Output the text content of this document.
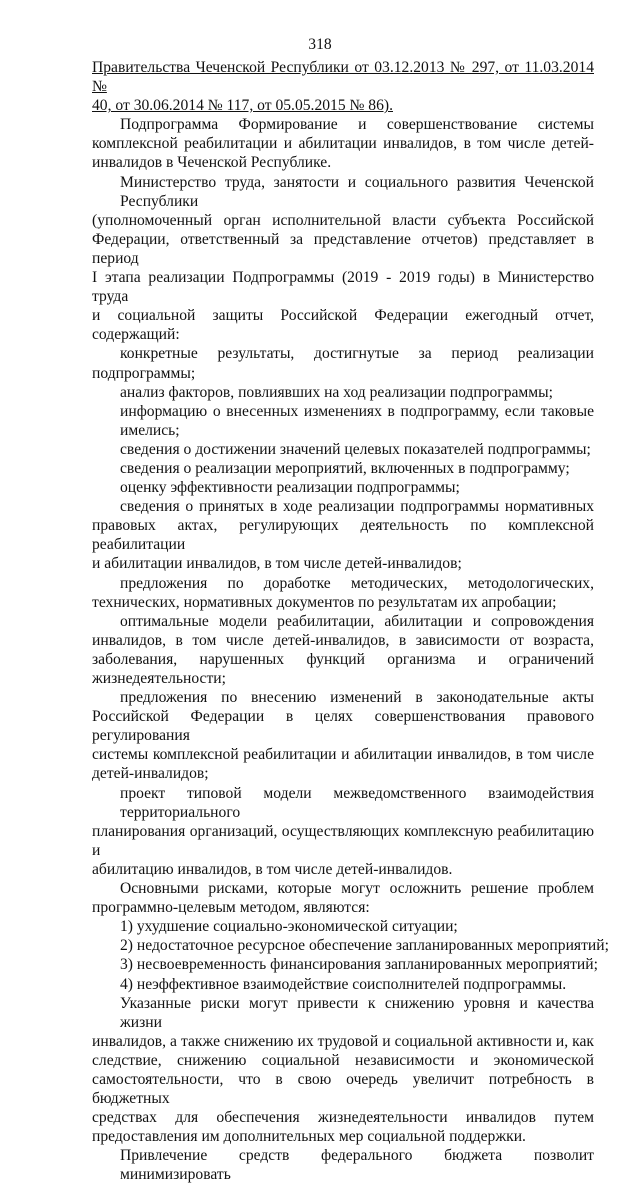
318
Правительства Чеченской Республики от 03.12.2013 № 297, от 11.03.2014 №
40, от 30.06.2014 № 117, от 05.05.2015 № 86).
Подпрограмма Формирование и совершенствование системы
комплексной реабилитации и абилитации инвалидов, в том числе детей-
инвалидов в Чеченской Республике.
Министерство труда, занятости и социального развития Чеченской Республики
(уполномоченный орган исполнительной власти субъекта Российской
Федерации, ответственный за представление отчетов) представляет в период
I этапа реализации Подпрограммы (2019 - 2019 годы) в Министерство труда
и социальной защиты Российской Федерации ежегодный отчет, содержащий:
конкретные результаты, достигнутые за период реализации
подпрограммы;
анализ факторов, повлиявших на ход реализации подпрограммы;
информацию о внесенных изменениях в подпрограмму, если таковые имелись;
сведения о достижении значений целевых показателей подпрограммы;
сведения о реализации мероприятий, включенных в подпрограмму;
оценку эффективности реализации подпрограммы;
сведения о принятых в ходе реализации подпрограммы нормативных
правовых актах, регулирующих деятельность по комплексной реабилитации
и абилитации инвалидов, в том числе детей-инвалидов;
предложения по доработке методических, методологических,
технических, нормативных документов по результатам их апробации;
оптимальные модели реабилитации, абилитации и сопровождения
инвалидов, в том числе детей-инвалидов, в зависимости от возраста,
заболевания, нарушенных функций организма и ограничений жизнедеятельности;
предложения по внесению изменений в законодательные акты
Российской Федерации в целях совершенствования правового регулирования
системы комплексной реабилитации и абилитации инвалидов, в том числе
детей-инвалидов;
проект типовой модели межведомственного взаимодействия территориального
планирования организаций, осуществляющих комплексную реабилитацию и
абилитацию инвалидов, в том числе детей-инвалидов.
Основными рисками, которые могут осложнить решение проблем
программно-целевым методом, являются:
1) ухудшение социально-экономической ситуации;
2) недостаточное ресурсное обеспечение запланированных мероприятий;
3) несвоевременность финансирования запланированных мероприятий;
4) неэффективное взаимодействие соисполнителей подпрограммы.
Указанные риски могут привести к снижению уровня и качества жизни
инвалидов, а также снижению их трудовой и социальной активности и, как
следствие, снижению социальной независимости и экономической
самостоятельности, что в свою очередь увеличит потребность в бюджетных
средствах для обеспечения жизнедеятельности инвалидов путем
предоставления им дополнительных мер социальной поддержки.
Привлечение средств федерального бюджета позволит минимизировать
